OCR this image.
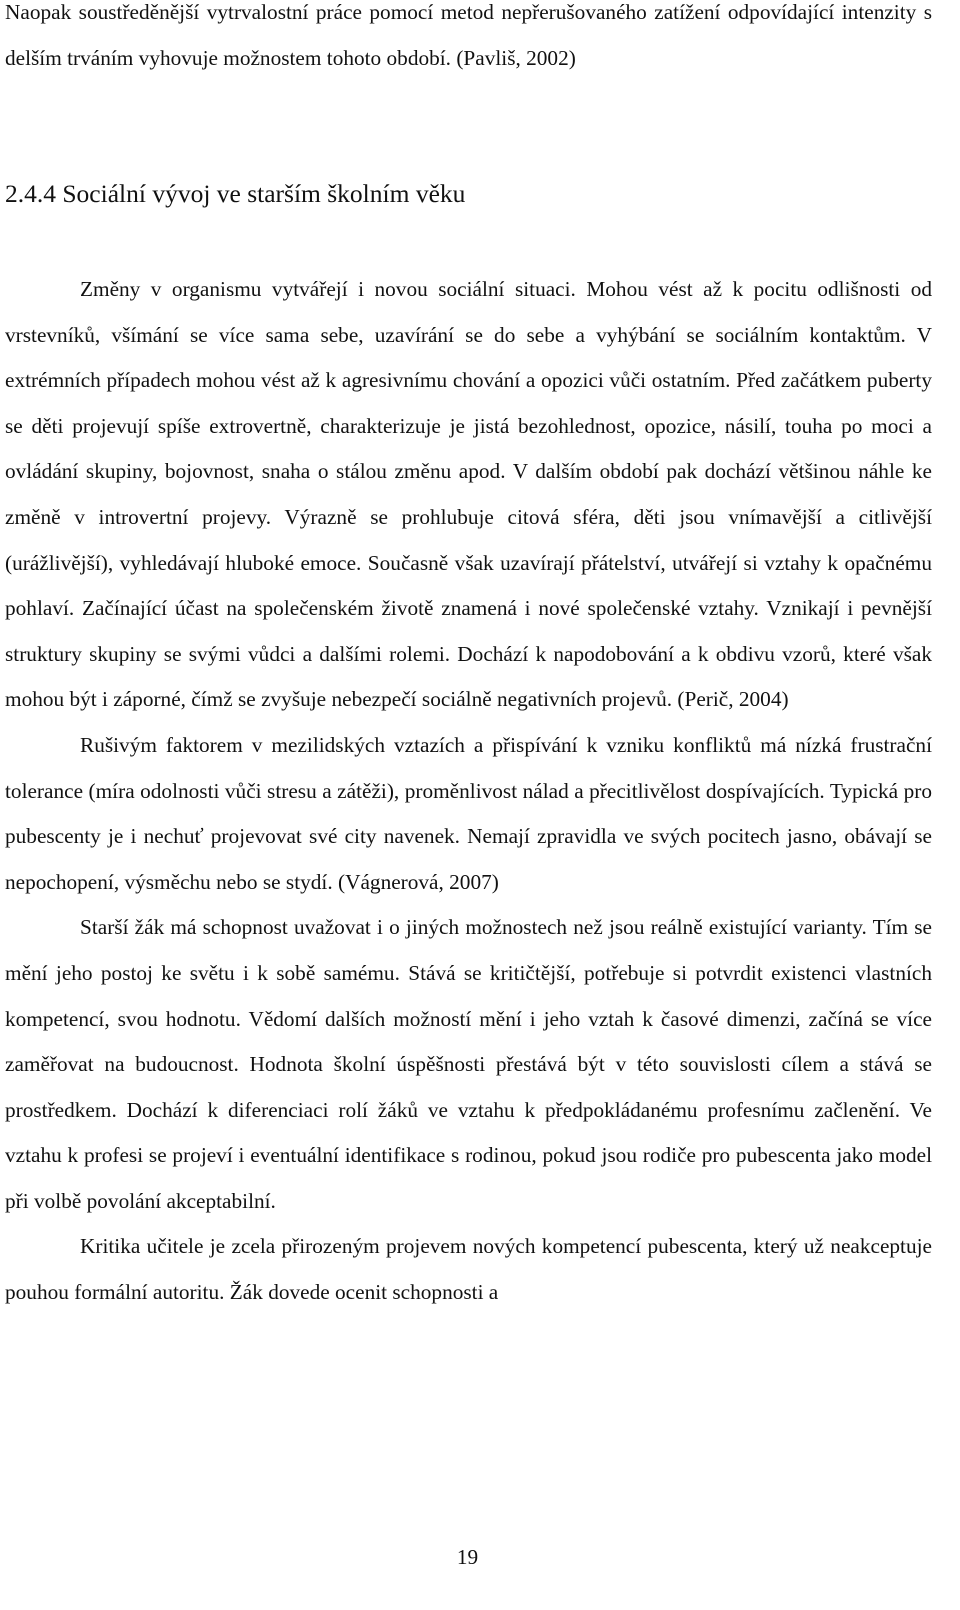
Naopak soustředěnější vytrvalostní práce pomocí metod nepřerušovaného zatížení odpovídající intenzity s delším trváním vyhovuje možnostem tohoto období. (Pavliš, 2002)

2.4.4 Sociální vývoj ve starším školním věku

Změny v organismu vytvářejí i novou sociální situaci. Mohou vést až k pocitu odlišnosti od vrstevníků, všímání se více sama sebe, uzavírání se do sebe a vyhýbání se sociálním kontaktům. V extrémních případech mohou vést až k agresivnímu chování a opozici vůči ostatním. Před začátkem puberty se děti projevují spíše extrovertně, charakterizuje je jistá bezohlednost, opozice, násilí, touha po moci a ovládání skupiny, bojovnost, snaha o stálou změnu apod. V dalším období pak dochází většinou náhle ke změně v introvertní projevy. Výrazně se prohlubuje citová sféra, děti jsou vnímavější a citlivější (urážlivější), vyhledávají hluboké emoce. Současně však uzavírají přátelství, utvářejí si vztahy k opačnému pohlaví. Začínající účast na společenském životě znamená i nové společenské vztahy. Vznikají i pevnější struktury skupiny se svými vůdci a dalšími rolemi. Dochází k napodobování a k obdivu vzorů, které však mohou být i záporné, čímž se zvyšuje nebezpečí sociálně negativních projevů. (Perič, 2004)

Rušivým faktorem v mezilidských vztazích a přispívání k vzniku konfliktů má nízká frustrační tolerance (míra odolnosti vůči stresu a zátěži), proměnlivost nálad a přecitlivělost dospívajících. Typická pro pubescenty je i nechuť projevovat své city navenek. Nemají zpravidla ve svých pocitech jasno, obávají se nepochopení, výsměchu nebo se stydí. (Vágnerová, 2007)

Starší žák má schopnost uvažovat i o jiných možnostech než jsou reálně existující varianty. Tím se mění jeho postoj ke světu i k sobě samému. Stává se kritičtější, potřebuje si potvrdit existenci vlastních kompetencí, svou hodnotu. Vědomí dalších možností mění i jeho vztah k časové dimenzi, začíná se více zaměřovat na budoucnost. Hodnota školní úspěšnosti přestává být v této souvislosti cílem a stává se prostředkem. Dochází k diferenciaci rolí žáků ve vztahu k předpokládanému profesnímu začlenění. Ve vztahu k profesi se projeví i eventuální identifikace s rodinou, pokud jsou rodiče pro pubescenta jako model při volbě povolání akceptabilní.

Kritika učitele je zcela přirozeným projevem nových kompetencí pubescenta, který už neakceptuje pouhou formální autoritu. Žák dovede ocenit schopnosti a

19
